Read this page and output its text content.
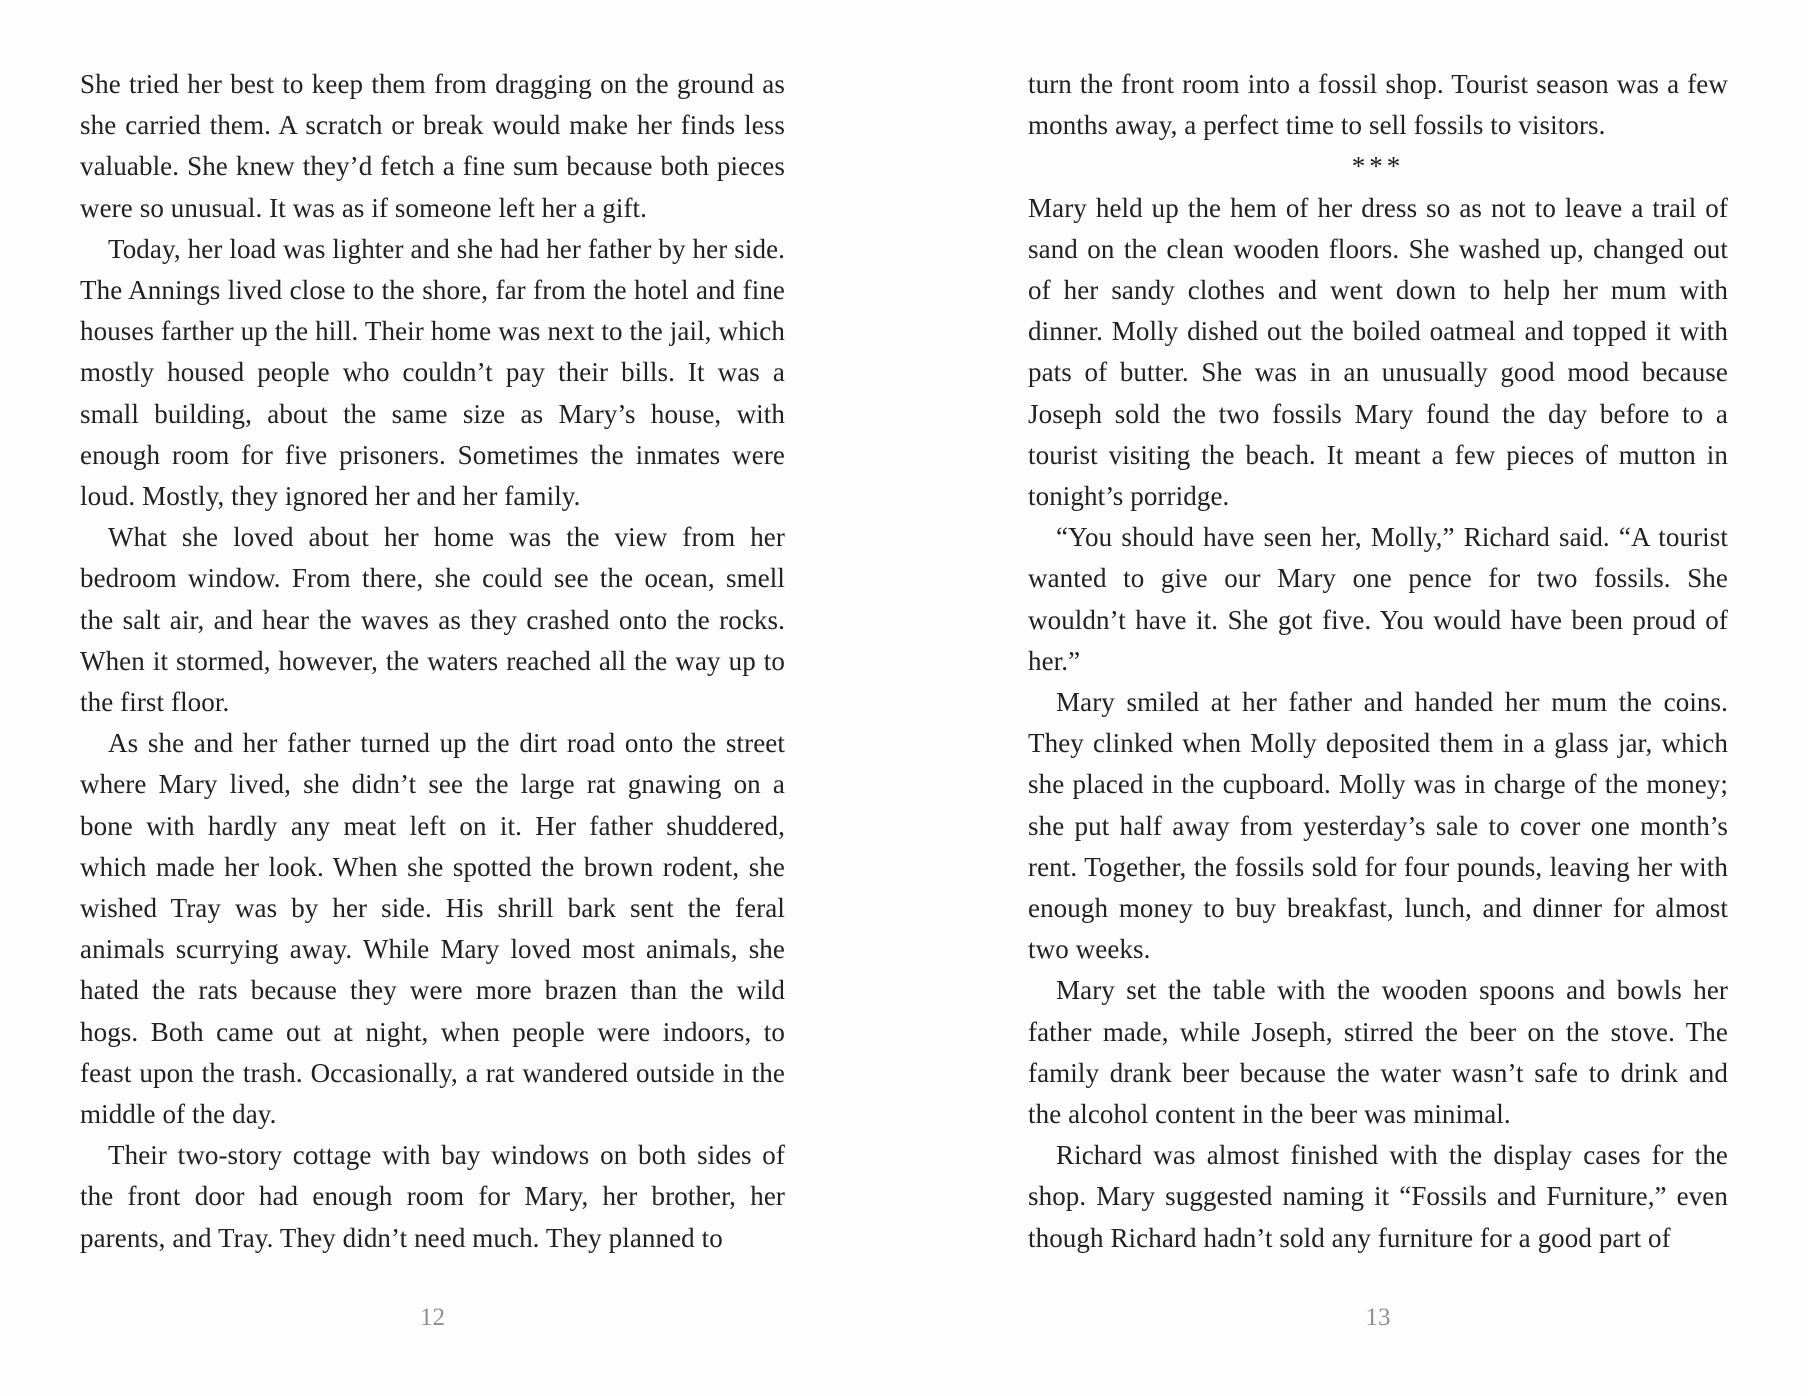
She tried her best to keep them from dragging on the ground as she carried them. A scratch or break would make her finds less valuable. She knew they’d fetch a fine sum because both pieces were so unusual. It was as if someone left her a gift.

Today, her load was lighter and she had her father by her side. The Annings lived close to the shore, far from the hotel and fine houses farther up the hill. Their home was next to the jail, which mostly housed people who couldn’t pay their bills. It was a small building, about the same size as Mary’s house, with enough room for five prisoners. Sometimes the inmates were loud. Mostly, they ignored her and her family.

What she loved about her home was the view from her bedroom window. From there, she could see the ocean, smell the salt air, and hear the waves as they crashed onto the rocks. When it stormed, however, the waters reached all the way up to the first floor.

As she and her father turned up the dirt road onto the street where Mary lived, she didn’t see the large rat gnawing on a bone with hardly any meat left on it. Her father shuddered, which made her look. When she spotted the brown rodent, she wished Tray was by her side. His shrill bark sent the feral animals scurrying away. While Mary loved most animals, she hated the rats because they were more brazen than the wild hogs. Both came out at night, when people were indoors, to feast upon the trash. Occasionally, a rat wandered outside in the middle of the day.

Their two-story cottage with bay windows on both sides of the front door had enough room for Mary, her brother, her parents, and Tray. They didn’t need much. They planned to

12

turn the front room into a fossil shop. Tourist season was a few months away, a perfect time to sell fossils to visitors.

***

Mary held up the hem of her dress so as not to leave a trail of sand on the clean wooden floors. She washed up, changed out of her sandy clothes and went down to help her mum with dinner. Molly dished out the boiled oatmeal and topped it with pats of butter. She was in an unusually good mood because Joseph sold the two fossils Mary found the day before to a tourist visiting the beach. It meant a few pieces of mutton in tonight’s porridge.

“You should have seen her, Molly,” Richard said. “A tourist wanted to give our Mary one pence for two fossils. She wouldn’t have it. She got five. You would have been proud of her.”

Mary smiled at her father and handed her mum the coins. They clinked when Molly deposited them in a glass jar, which she placed in the cupboard. Molly was in charge of the money; she put half away from yesterday’s sale to cover one month’s rent. Together, the fossils sold for four pounds, leaving her with enough money to buy breakfast, lunch, and dinner for almost two weeks.

Mary set the table with the wooden spoons and bowls her father made, while Joseph, stirred the beer on the stove. The family drank beer because the water wasn’t safe to drink and the alcohol content in the beer was minimal.

Richard was almost finished with the display cases for the shop. Mary suggested naming it “Fossils and Furniture,” even though Richard hadn’t sold any furniture for a good part of

13
